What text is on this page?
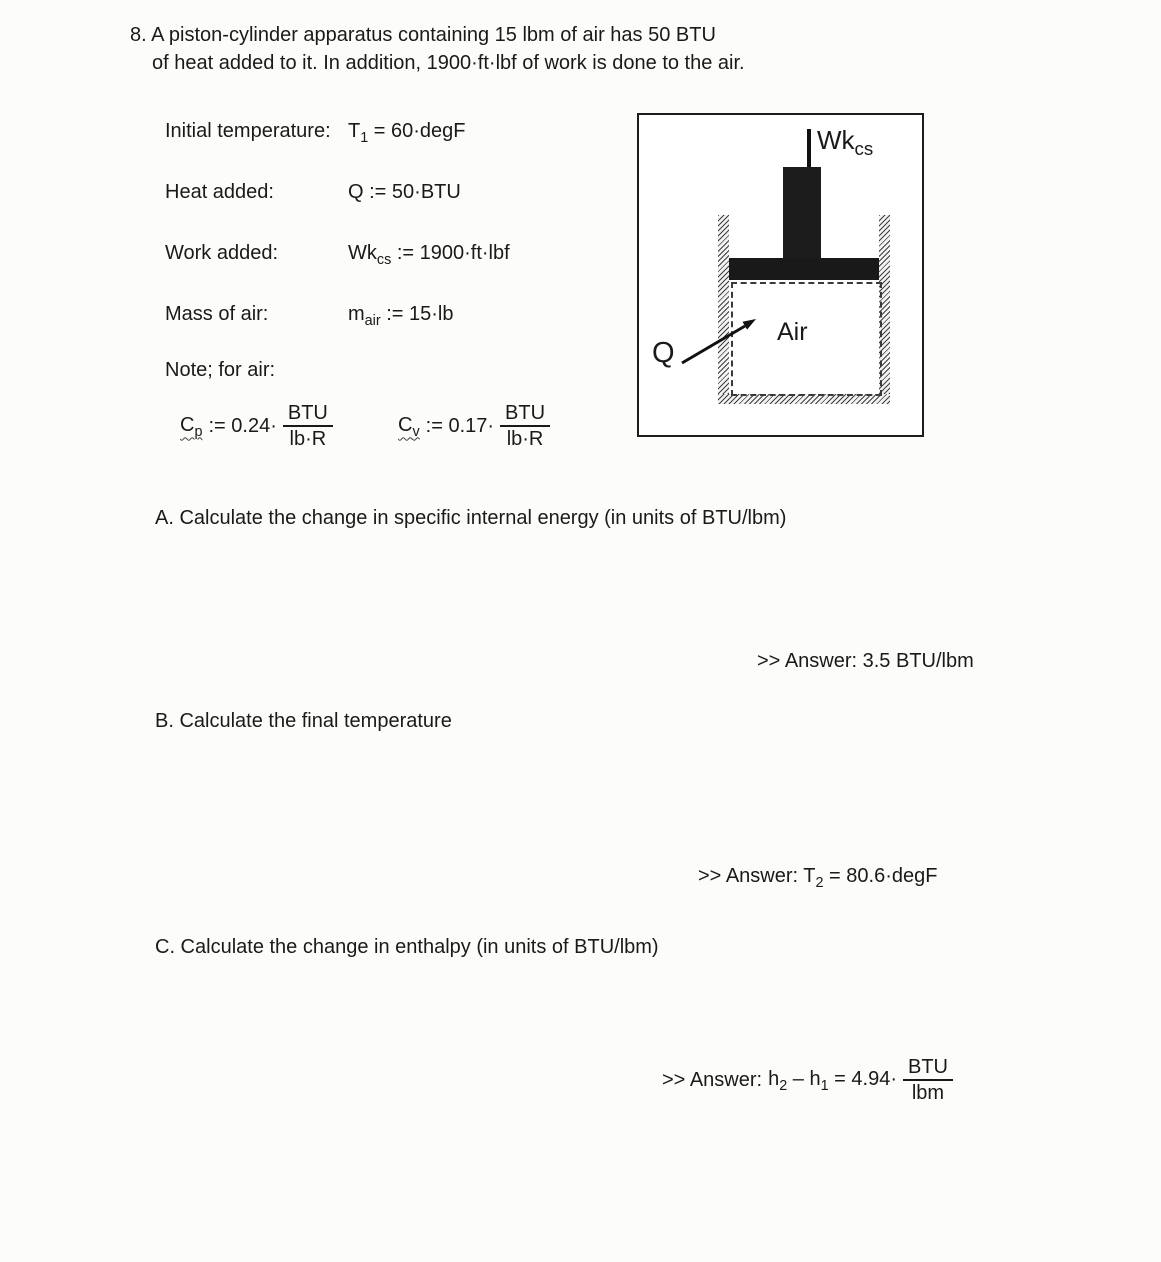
8. A piston-cylinder apparatus containing 15 lbm of air has 50 BTU
of heat added to it. In addition, 1900·ft·lbf of work is done to the air.
Initial temperature: $T_1$ = 60·degF
Heat added:	Q := 50·BTU
Work added:	$Wk_{cs}$ := 1900·ft·lbf
Mass of air:	$m_{air}$ := 15·lb
Note; for air:
$C_p$ := $0.24\cdot \frac{\text{BTU}}{lb\cdot R}$	$C_v$ := $0.17\cdot \frac{\text{BTU}}{lb\cdot R}$
$Wk_{cs}$
Air
Q
A. Calculate the change in specific internal energy (in units of BTU/lbm)
>> Answer: 3.5 BTU/lbm
B. Calculate the final temperature
>> Answer: $T_2$ = 80.6·degF
C. Calculate the change in enthalpy (in units of BTU/lbm)
>> Answer: $h_2 - h_1 = 4.94\cdot \frac{\text{BTU}}{\text{lbm}}$
